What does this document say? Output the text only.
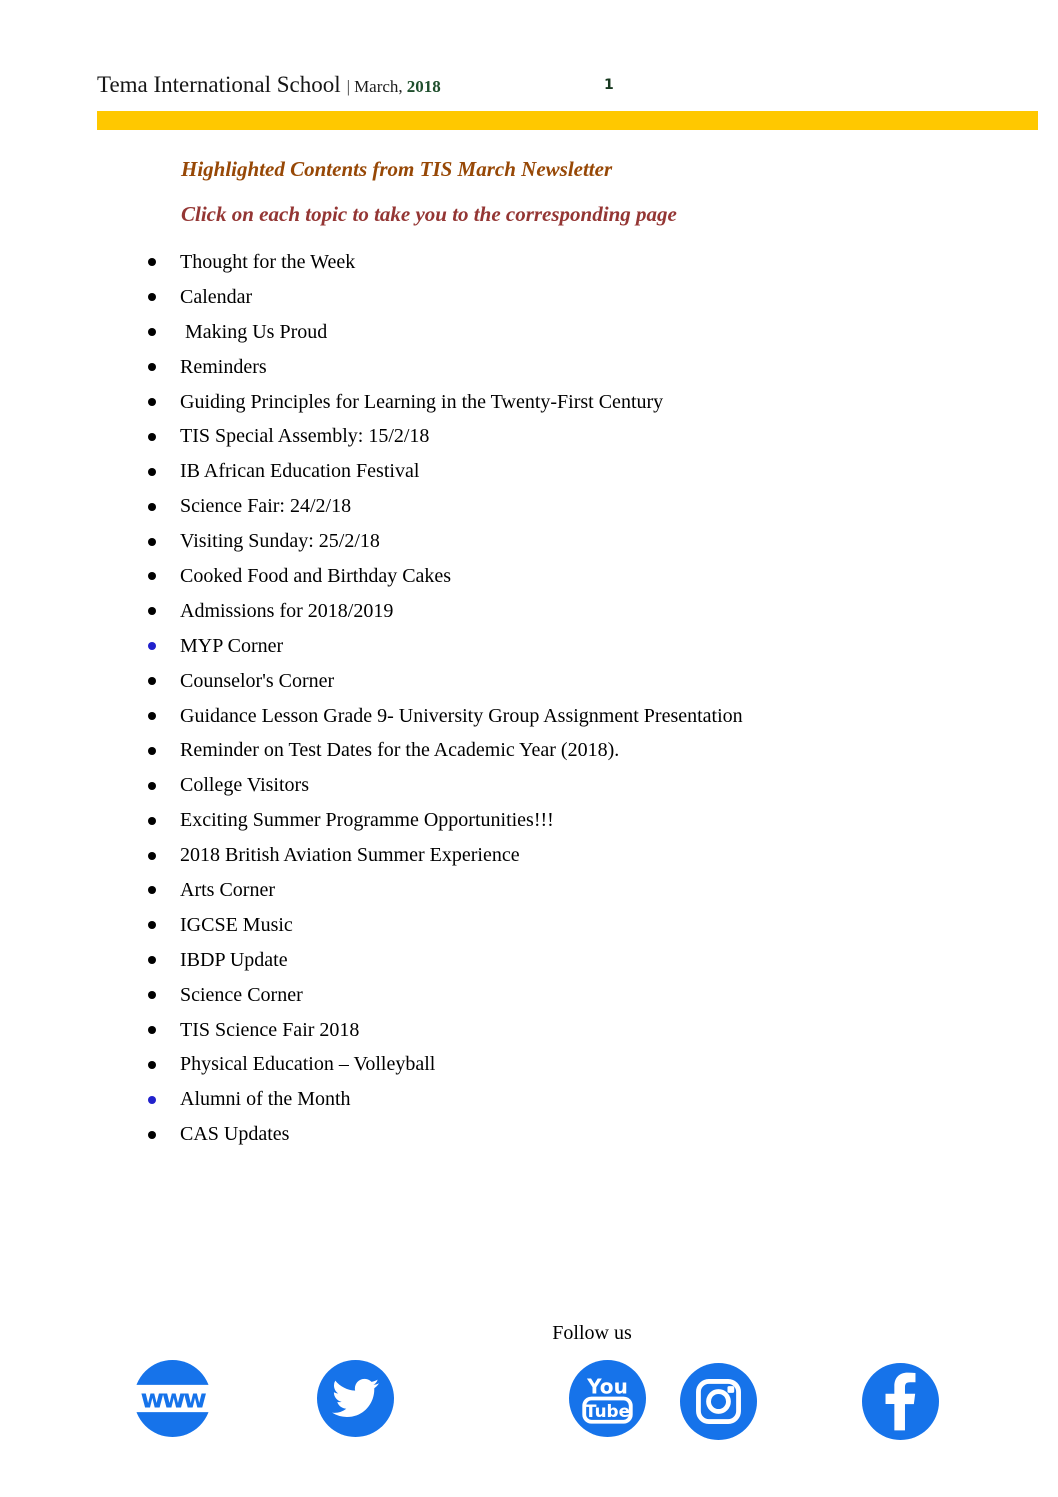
Tema International School | March, 2018	1
Highlighted Contents from TIS March Newsletter
Click on each topic to take you to the corresponding page
Thought for the Week
Calendar
Making Us Proud
Reminders
Guiding Principles for Learning in the Twenty-First Century
TIS Special Assembly: 15/2/18
IB African Education Festival
Science Fair: 24/2/18
Visiting Sunday: 25/2/18
Cooked Food and Birthday Cakes
Admissions for 2018/2019
MYP Corner
Counselor's Corner
Guidance Lesson Grade 9- University Group Assignment Presentation
Reminder on Test Dates for the Academic Year (2018).
College Visitors
Exciting Summer Programme Opportunities!!!
2018 British Aviation Summer Experience
Arts Corner
IGCSE Music
IBDP Update
Science Corner
TIS Science Fair 2018
Physical Education – Volleyball
Alumni of the Month
CAS Updates
Follow us
www	You
Tube
